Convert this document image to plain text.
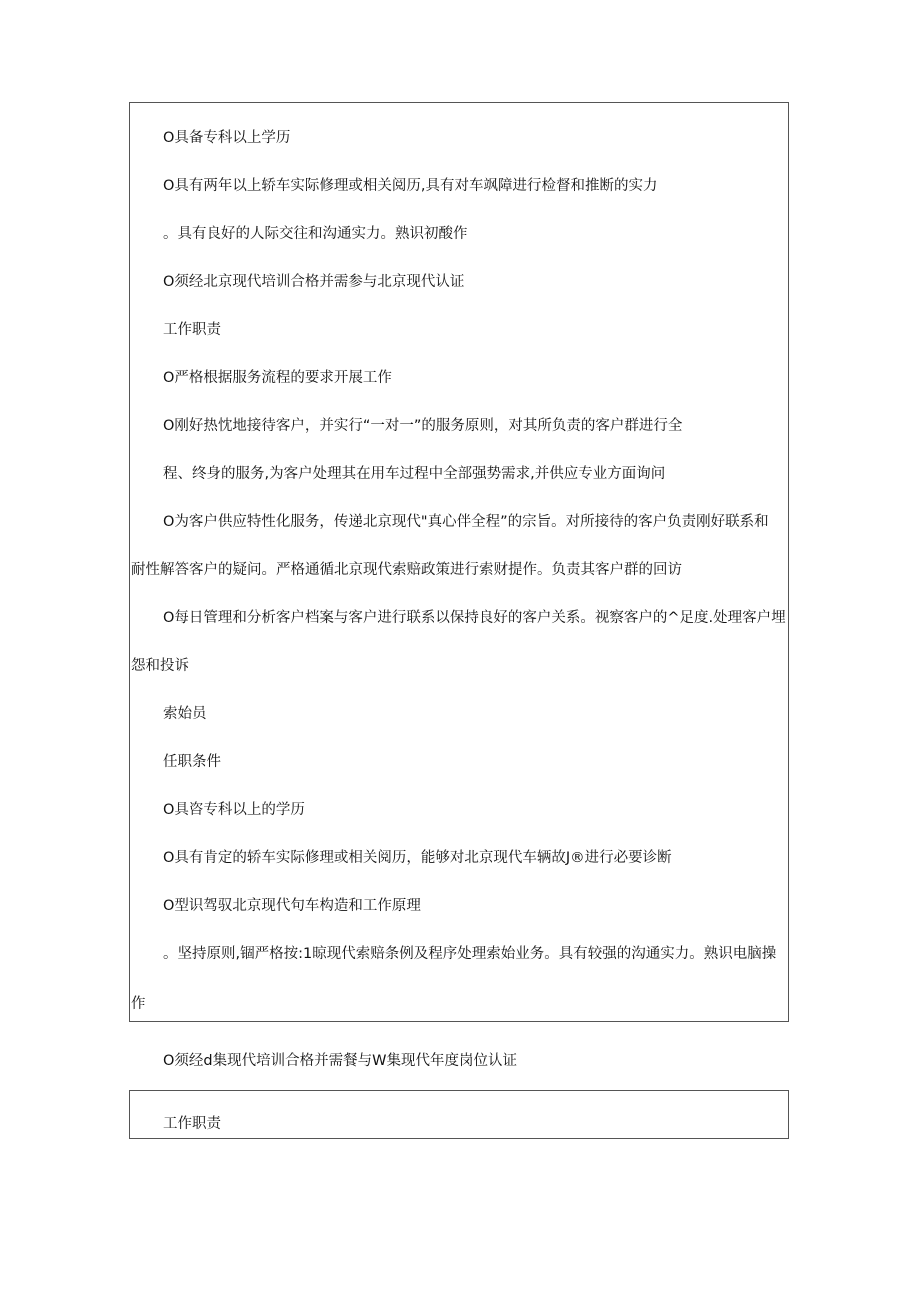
O具备专科以上学历
O具有两年以上轿车实际修理或相关阅历,具有对车飒障进行检督和推断的实力
。具有良好的人际交往和沟通实力。熟识初酸作
O须经北京现代培训合格并需参与北京现代认证
工作职责
O严格根据服务流程的要求开展工作
O刚好热忱地接待客户，并实行“一对一”的服务原则，对其所负责的客户群进行全
程、终身的服务,为客户处理其在用车过程中全部强势需求,并供应专业方面询问
O为客户供应特性化服务，传递北京现代"真心伴全程”的宗旨。对所接待的客户负责刚好联系和
耐性解答客户的疑问。严格通循北京现代索赔政策进行索财提作。负责其客户群的回访
O每日管理和分析客户档案与客户进行联系以保持良好的客户关系。视察客户的^足度.处理客户埋
怨和投诉
索始员
任职条件
O具咨专科以上的学历
O具有肯定的轿车实际修理或相关阅历，能够对北京现代车辆故J®进行必要诊断
O型识驾驭北京现代句车构造和工作原理
。坚持原则,锢严格按:1晾现代索赔条例及程序处理索始业务。具有较强的沟通实力。熟识电脑操
作
O须经d集现代培训合格并需餐与W集现代年度岗位认证
工作职责
